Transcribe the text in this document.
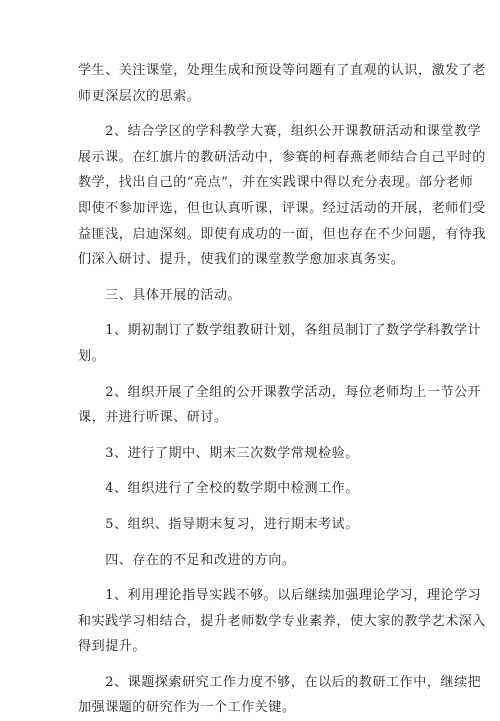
学生、关注课堂，处理生成和预设等问题有了直观的认识，激发了老
师更深层次的思索。
　　2、结合学区的学科教学大赛，组织公开课教研活动和课堂教学
展示课。在红旗片的教研活动中，参赛的柯春燕老师结合自己平时的
教学，找出自己的“亮点”，并在实践课中得以充分表现。部分老师
即使不参加评选，但也认真听课，评课。经过活动的开展，老师们受
益匪浅，启迪深刻。即使有成功的一面，但也存在不少问题，有待我
们深入研讨、提升，使我们的课堂教学愈加求真务实。
　　三、具体开展的活动。
　　1、期初制订了数学组教研计划，各组员制订了数学学科教学计
划。
　　2、组织开展了全组的公开课教学活动，每位老师均上一节公开
课，并进行听课、研讨。
　　3、进行了期中、期末三次数学常规检验。
　　4、组织进行了全校的数学期中检测工作。
　　5、组织、指导期末复习，进行期末考试。
　　四、存在的不足和改进的方向。
　　1、利用理论指导实践不够。以后继续加强理论学习，理论学习
和实践学习相结合，提升老师数学专业素养，使大家的教学艺术深入
得到提升。
　　2、课题探索研究工作力度不够，在以后的教研工作中，继续把
加强课题的研究作为一个工作关键。
